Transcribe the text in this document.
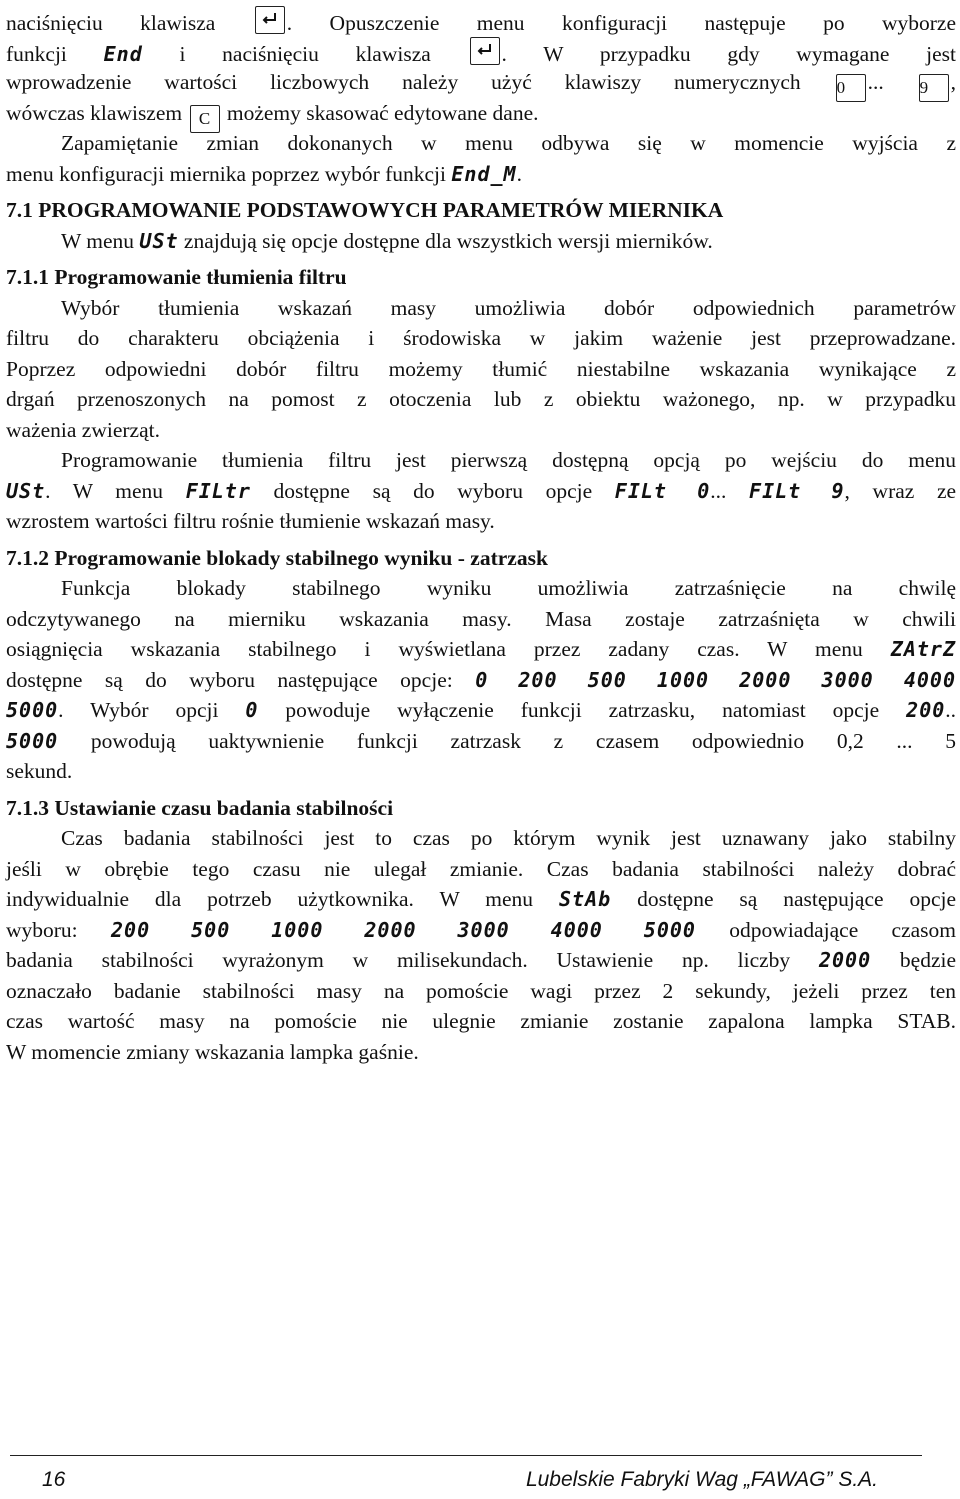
naciśnięciu klawisza	. Opuszczenie menu konfiguracji następuje po wyborze
funkcji End i naciśnięciu klawisza	. W przypadku gdy wymagane jest
wprowadzenie wartości liczbowych należy użyć klawiszy numerycznych 0 ... 9 ,
wówczas klawiszem C możemy skasować edytowane dane.
Zapamiętanie zmian dokonanych w menu odbywa się w momencie wyjścia z
menu konfiguracji miernika poprzez wybór funkcji End_M.
7.1 PROGRAMOWANIE PODSTAWOWYCH PARAMETRÓW MIERNIKA
W menu USt znajdują się opcje dostępne dla wszystkich wersji mierników.
7.1.1 Programowanie tłumienia filtru
Wybór tłumienia wskazań masy umożliwia dobór odpowiednich parametrów
filtru do charakteru obciążenia i środowiska w jakim ważenie jest przeprowadzane.
Poprzez odpowiedni dobór filtru możemy tłumić niestabilne wskazania wynikające z
drgań przenoszonych na pomost z otoczenia lub z obiektu ważonego, np. w przypadku
ważenia zwierząt.
Programowanie tłumienia filtru jest pierwszą dostępną opcją po wejściu do menu
USt. W menu FILtr dostępne są do wyboru opcje FILt 0... FILt 9, wraz ze
wzrostem wartości filtru rośnie tłumienie wskazań masy.
7.1.2 Programowanie blokady stabilnego wyniku - zatrzask
Funkcja blokady stabilnego wyniku umożliwia zatrzaśnięcie na chwilę
odczytywanego na mierniku wskazania masy. Masa zostaje zatrzaśnięta w chwili
osiągnięcia wskazania stabilnego i wyświetlana przez zadany czas. W menu ZAtrZ
dostępne są do wyboru następujące opcje: 0 200 500 1000 2000 3000 4000
5000. Wybór opcji 0 powoduje wyłączenie funkcji zatrzasku, natomiast opcje 200..
5000 powodują uaktywnienie funkcji zatrzask z czasem odpowiednio 0,2 ... 5
sekund.
7.1.3 Ustawianie czasu badania stabilności
Czas badania stabilności jest to czas po którym wynik jest uznawany jako stabilny
jeśli w obrębie tego czasu nie ulegał zmianie. Czas badania stabilności należy dobrać
indywidualnie dla potrzeb użytkownika. W menu StAb dostępne są następujące opcje
wyboru: 200 500 1000 2000 3000 4000 5000 odpowiadające czasom
badania stabilności wyrażonym w milisekundach. Ustawienie np. liczby 2000 będzie
oznaczało badanie stabilności masy na pomoście wagi przez 2 sekundy, jeżeli przez ten
czas wartość masy na pomoście nie ulegnie zmianie zostanie zapalona lampka STAB.
W momencie zmiany wskazania lampka gaśnie.
16	Lubelskie Fabryki Wag „FAWAG” S.A.
